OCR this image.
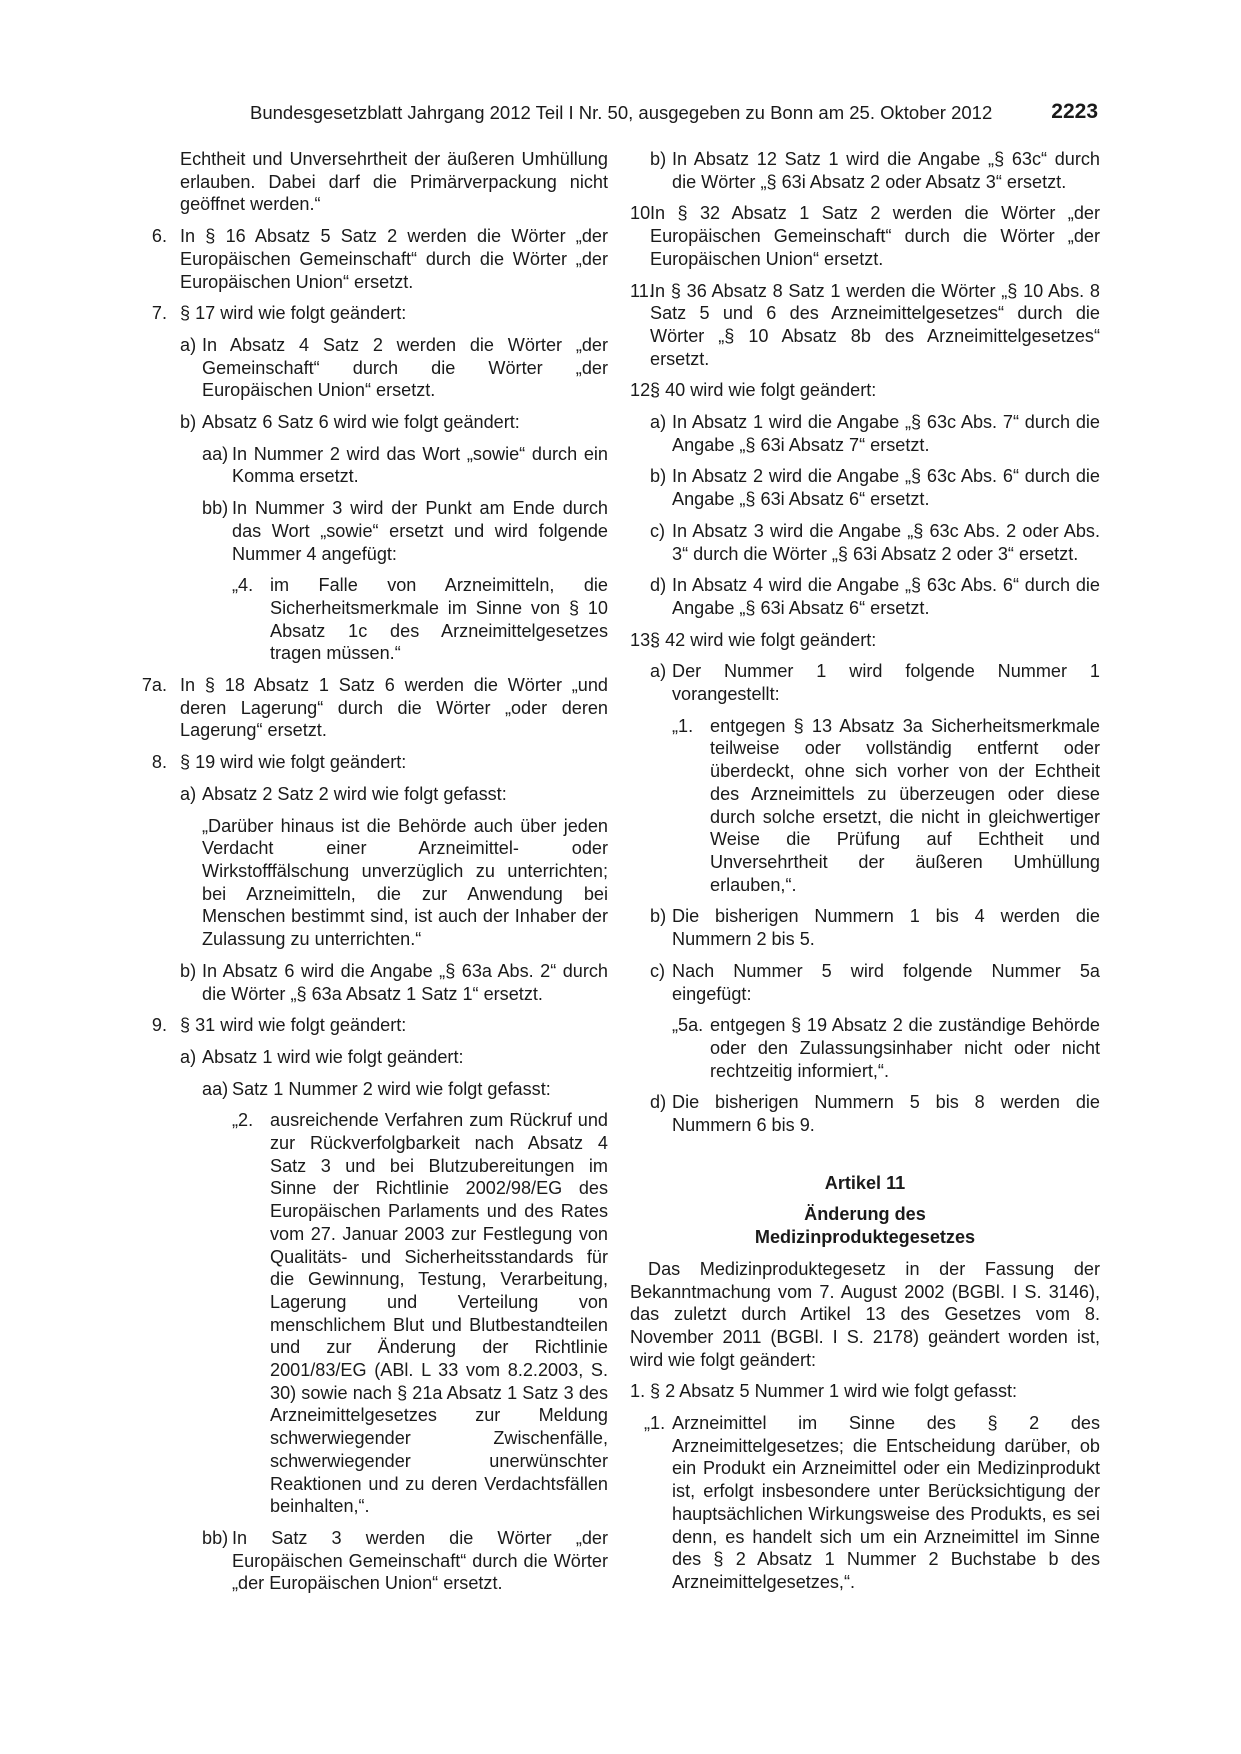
Bundesgesetzblatt Jahrgang 2012 Teil I Nr. 50, ausgegeben zu Bonn am 25. Oktober 2012	2223
Echtheit und Unversehrtheit der äußeren Umhüllung erlauben. Dabei darf die Primärverpackung nicht geöffnet werden.“
6. In § 16 Absatz 5 Satz 2 werden die Wörter „der Europäischen Gemeinschaft“ durch die Wörter „der Europäischen Union“ ersetzt.
7. § 17 wird wie folgt geändert:
a) In Absatz 4 Satz 2 werden die Wörter „der Gemeinschaft“ durch die Wörter „der Europäischen Union“ ersetzt.
b) Absatz 6 Satz 6 wird wie folgt geändert:
aa) In Nummer 2 wird das Wort „sowie“ durch ein Komma ersetzt.
bb) In Nummer 3 wird der Punkt am Ende durch das Wort „sowie“ ersetzt und wird folgende Nummer 4 angefügt:
„4. im Falle von Arzneimitteln, die Sicherheitsmerkmale im Sinne von § 10 Absatz 1c des Arzneimittelgesetzes tragen müssen.“
7a. In § 18 Absatz 1 Satz 6 werden die Wörter „und deren Lagerung“ durch die Wörter „oder deren Lagerung“ ersetzt.
8. § 19 wird wie folgt geändert:
a) Absatz 2 Satz 2 wird wie folgt gefasst:
„Darüber hinaus ist die Behörde auch über jeden Verdacht einer Arzneimittel- oder Wirkstofffälschung unverzüglich zu unterrichten; bei Arzneimitteln, die zur Anwendung bei Menschen bestimmt sind, ist auch der Inhaber der Zulassung zu unterrichten.“
b) In Absatz 6 wird die Angabe „§ 63a Abs. 2“ durch die Wörter „§ 63a Absatz 1 Satz 1“ ersetzt.
9. § 31 wird wie folgt geändert:
a) Absatz 1 wird wie folgt geändert:
aa) Satz 1 Nummer 2 wird wie folgt gefasst:
„2. ausreichende Verfahren zum Rückruf und zur Rückverfolgbarkeit nach Absatz 4 Satz 3 und bei Blutzubereitungen im Sinne der Richtlinie 2002/98/EG des Europäischen Parlaments und des Rates vom 27. Januar 2003 zur Festlegung von Qualitäts- und Sicherheitsstandards für die Gewinnung, Testung, Verarbeitung, Lagerung und Verteilung von menschlichem Blut und Blutbestandteilen und zur Änderung der Richtlinie 2001/83/EG (ABl. L 33 vom 8.2.2003, S. 30) sowie nach § 21a Absatz 1 Satz 3 des Arzneimittelgesetzes zur Meldung schwerwiegender Zwischenfälle, schwerwiegender unerwünschter Reaktionen und zu deren Verdachtsfällen beinhalten,“.
bb) In Satz 3 werden die Wörter „der Europäischen Gemeinschaft“ durch die Wörter „der Europäischen Union“ ersetzt.
b) In Absatz 12 Satz 1 wird die Angabe „§ 63c“ durch die Wörter „§ 63i Absatz 2 oder Absatz 3“ ersetzt.
10.
In § 32 Absatz 1 Satz 2 werden die Wörter „der Europäischen Gemeinschaft“ durch die Wörter „der Europäischen Union“ ersetzt.
11.
In § 36 Absatz 8 Satz 1 werden die Wörter „§ 10 Abs. 8 Satz 5 und 6 des Arzneimittelgesetzes“ durch die Wörter „§ 10 Absatz 8b des Arzneimittelgesetzes“ ersetzt.
12.
§ 40 wird wie folgt geändert:
a) In Absatz 1 wird die Angabe „§ 63c Abs. 7“ durch die Angabe „§ 63i Absatz 7“ ersetzt.
b) In Absatz 2 wird die Angabe „§ 63c Abs. 6“ durch die Angabe „§ 63i Absatz 6“ ersetzt.
c) In Absatz 3 wird die Angabe „§ 63c Abs. 2 oder Abs. 3“ durch die Wörter „§ 63i Absatz 2 oder 3“ ersetzt.
d) In Absatz 4 wird die Angabe „§ 63c Abs. 6“ durch die Angabe „§ 63i Absatz 6“ ersetzt.
13.
§ 42 wird wie folgt geändert:
a) Der Nummer 1 wird folgende Nummer 1 vorangestellt:
„1. entgegen § 13 Absatz 3a Sicherheitsmerkmale teilweise oder vollständig entfernt oder überdeckt, ohne sich vorher von der Echtheit des Arzneimittels zu überzeugen oder diese durch solche ersetzt, die nicht in gleichwertiger Weise die Prüfung auf Echtheit und Unversehrtheit der äußeren Umhüllung erlauben,“.
b) Die bisherigen Nummern 1 bis 4 werden die Nummern 2 bis 5.
c) Nach Nummer 5 wird folgende Nummer 5a eingefügt:
„5a. entgegen § 19 Absatz 2 die zuständige Behörde oder den Zulassungsinhaber nicht oder nicht rechtzeitig informiert,“.
d) Die bisherigen Nummern 5 bis 8 werden die Nummern 6 bis 9.
Artikel 11
Änderung des
Medizinproduktegesetzes
Das Medizinproduktegesetz in der Fassung der Bekanntmachung vom 7. August 2002 (BGBl. I S. 3146), das zuletzt durch Artikel 13 des Gesetzes vom 8. November 2011 (BGBl. I S. 2178) geändert worden ist, wird wie folgt geändert:
1. § 2 Absatz 5 Nummer 1 wird wie folgt gefasst:
„1. Arzneimittel im Sinne des § 2 des Arzneimittelgesetzes; die Entscheidung darüber, ob ein Produkt ein Arzneimittel oder ein Medizinprodukt ist, erfolgt insbesondere unter Berücksichtigung der hauptsächlichen Wirkungsweise des Produkts, es sei denn, es handelt sich um ein Arzneimittel im Sinne des § 2 Absatz 1 Nummer 2 Buchstabe b des Arzneimittelgesetzes,“.
